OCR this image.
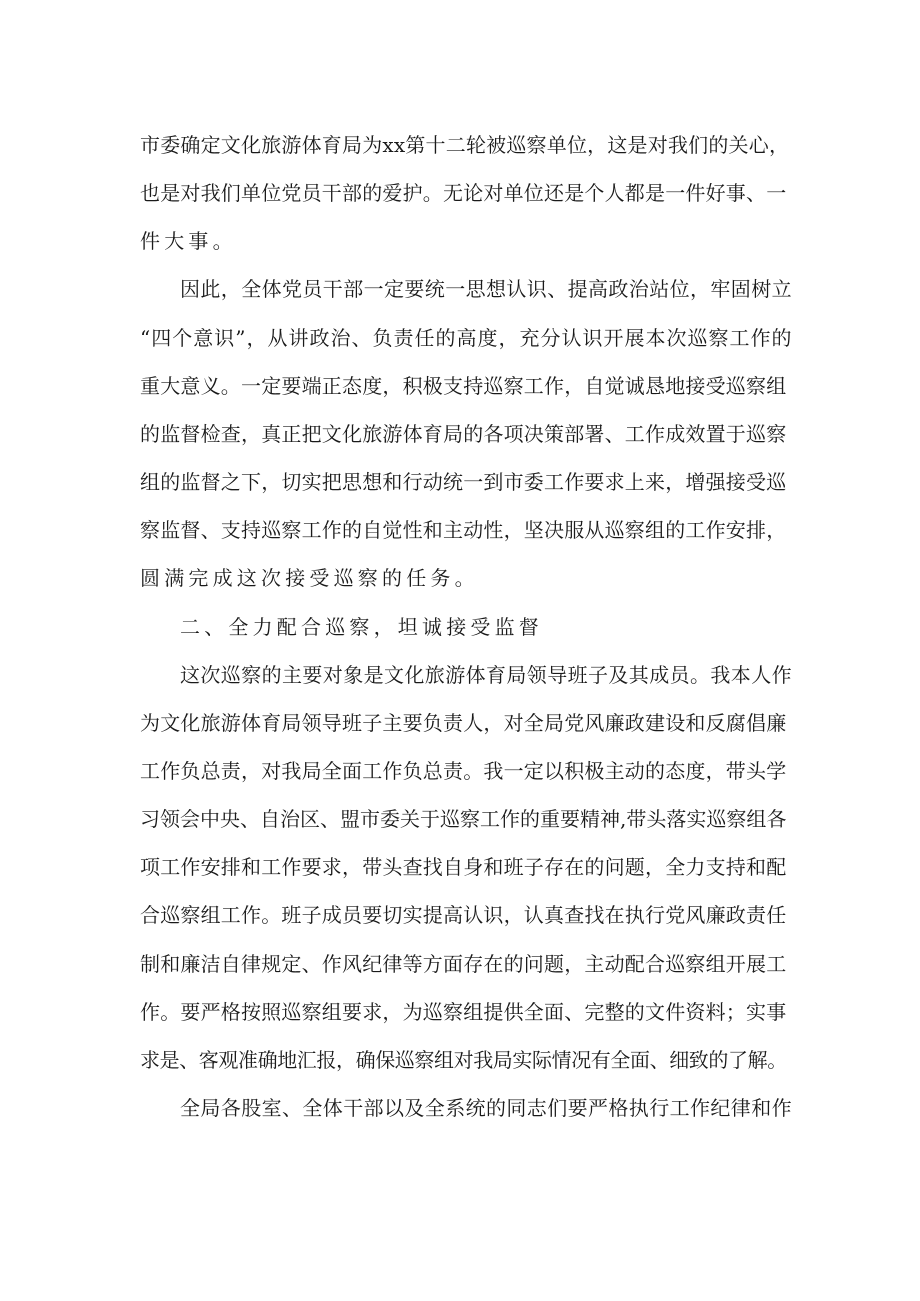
市委确定文化旅游体育局为xx第十二轮被巡察单位，这是对我们的关心，
也是对我们单位党员干部的爱护。无论对单位还是个人都是一件好事、一
件大事。
因此，全体党员干部一定要统一思想认识、提高政治站位，牢固树立
“四个意识”，从讲政治、负责任的高度，充分认识开展本次巡察工作的
重大意义。一定要端正态度，积极支持巡察工作，自觉诚恳地接受巡察组
的监督检查，真正把文化旅游体育局的各项决策部署、工作成效置于巡察
组的监督之下，切实把思想和行动统一到市委工作要求上来，增强接受巡
察监督、支持巡察工作的自觉性和主动性，坚决服从巡察组的工作安排，
圆满完成这次接受巡察的任务。
二、全力配合巡察，坦诚接受监督
这次巡察的主要对象是文化旅游体育局领导班子及其成员。我本人作
为文化旅游体育局领导班子主要负责人，对全局党风廉政建设和反腐倡廉
工作负总责，对我局全面工作负总责。我一定以积极主动的态度，带头学
习领会中央、自治区、盟市委关于巡察工作的重要精神,带头落实巡察组各
项工作安排和工作要求，带头查找自身和班子存在的问题，全力支持和配
合巡察组工作。班子成员要切实提高认识，认真查找在执行党风廉政责任
制和廉洁自律规定、作风纪律等方面存在的问题，主动配合巡察组开展工
作。要严格按照巡察组要求，为巡察组提供全面、完整的文件资料；实事
求是、客观准确地汇报，确保巡察组对我局实际情况有全面、细致的了解。
全局各股室、全体干部以及全系统的同志们要严格执行工作纪律和作
